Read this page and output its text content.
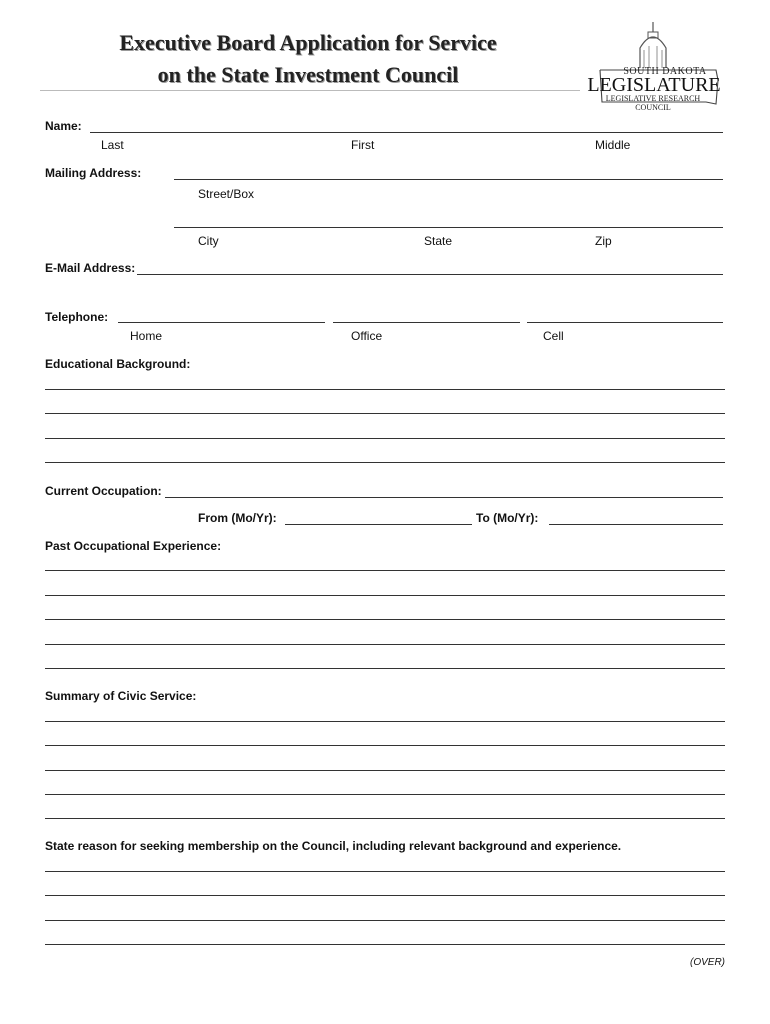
Executive Board Application for Service
on the State Investment Council	SOUTH DAKOTA
LEGISLATURE
LEGISLATIVE RESEARCH COUNCIL
Name:
Last	First	Middle
Mailing Address:
Street/Box
City	State	Zip
E-Mail Address:
Telephone:
Home	Office	Cell
Educational Background:
Current Occupation:
From (Mo/Yr):	To (Mo/Yr):
Past Occupational Experience:
Summary of Civic Service:
State reason for seeking membership on the Council, including relevant background and experience.
(OVER)
